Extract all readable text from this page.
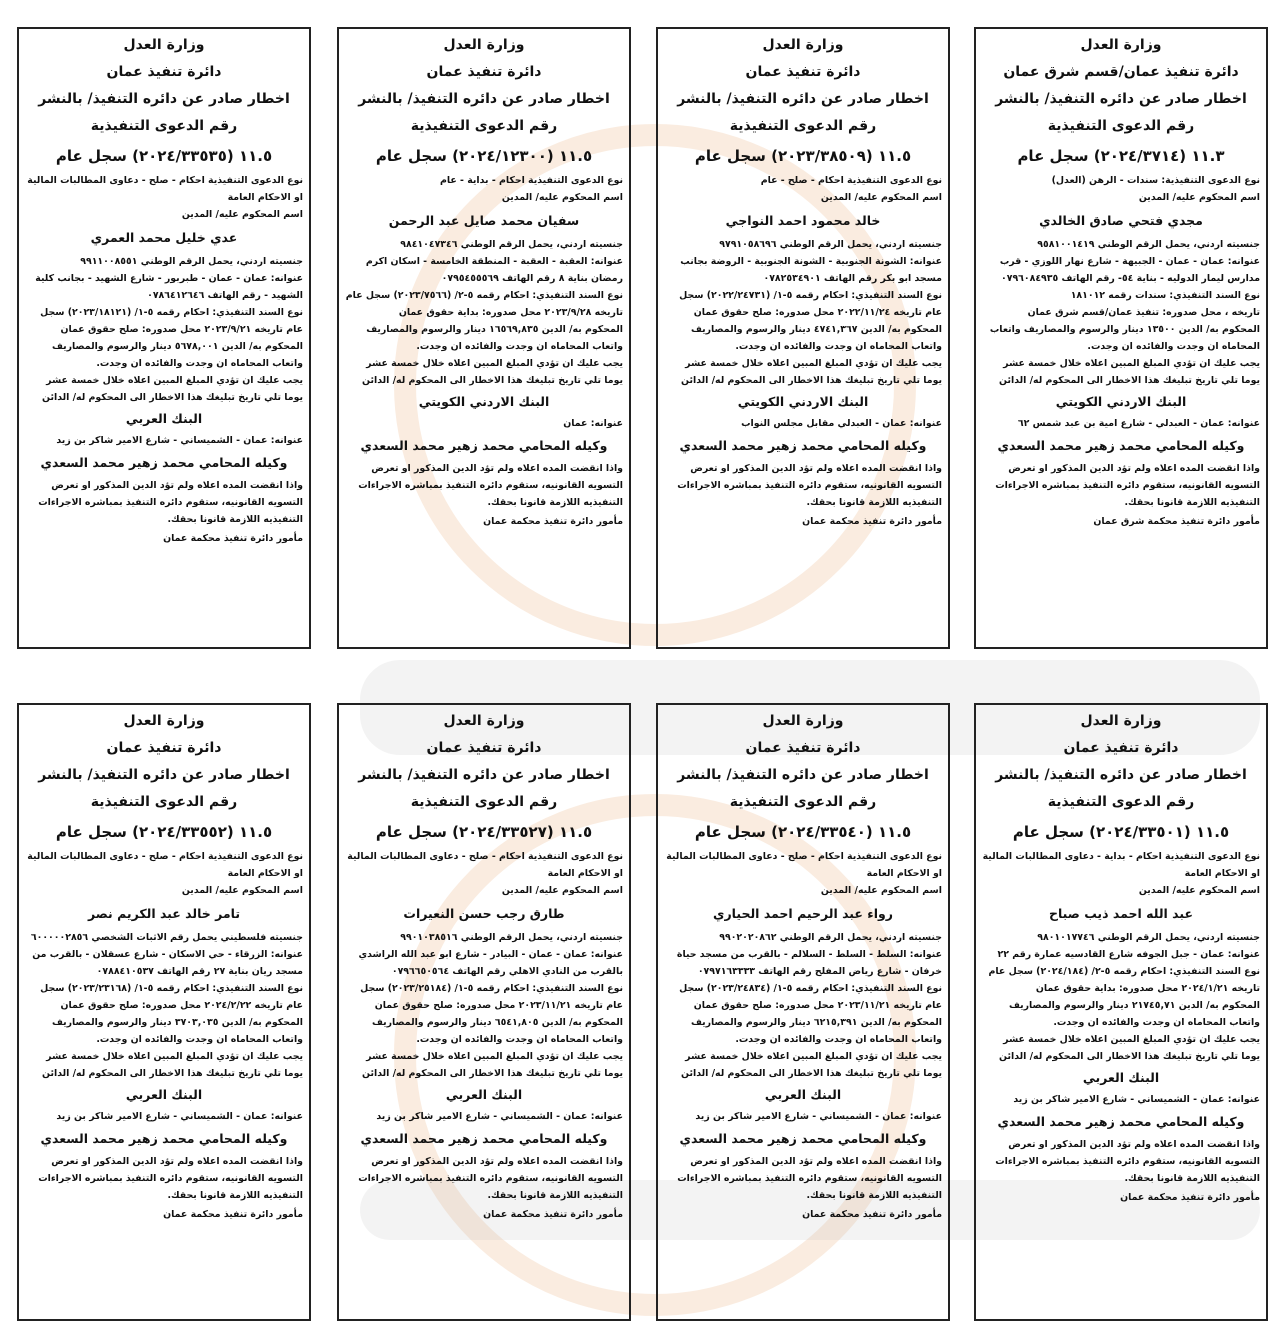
وزارة العدل
دائرة تنفيذ عمان/قسم شرق عمان
اخطار صادر عن دائره التنفيذ/ بالنشر
رقم الدعوى التنفيذية
١١.٣ (٢٠٢٤/٣٧١٤) سجل عام

نوع الدعوى التنفيذية: سندات - الرهن (العدل)

اسم المحكوم عليه/ المدين

مجدي فتحي صادق الخالدي

جنسيته اردني، يحمل الرقم الوطني ٩٥٨١٠٠١٤١٩

عنوانه: عمان - عمان - الجبيهة - شارع نهار اللوزي - قرب مدارس ليمار الدوليه - بناية ٥٤- رقم الهاتف ٠٧٩٦٠٨٤٩٣٥

نوع السند التنفيذي: سندات رقمه ١٨١٠١٢

تاريخه ، محل صدوره: تنفيذ عمان/قسم شرق عمان

المحكوم به/ الدين ١٣٥٠٠ دينار والرسوم والمصاريف واتعاب المحاماه ان وجدت والفائده ان وجدت.

يجب عليك ان تؤدي المبلغ المبين اعلاه خلال خمسة عشر يوما تلي تاريخ تبليغك هذا الاخطار الى المحكوم له/ الدائن

البنك الاردني الكويتي

عنوانه: عمان - العبدلي - شارع امية بن عبد شمس ٦٢

وكيله المحامي محمد زهير محمد السعدي

واذا انقضت المده اعلاه ولم تؤد الدين المذكور او تعرض التسويه القانونيه، ستقوم دائره التنفيذ بمباشره الاجراءات التنفيذيه اللازمة قانونا بحقك.

مأمور دائرة تنفيذ محكمة شرق عمان
وزارة العدل
دائرة تنفيذ عمان
اخطار صادر عن دائره التنفيذ/ بالنشر
رقم الدعوى التنفيذية
١١.٥ (٢٠٢٣/٣٨٥٠٩) سجل عام

نوع الدعوى التنفيذية احكام - صلح - عام

اسم المحكوم عليه/ المدين

خالد محمود احمد النواجي

جنسيته اردني، يحمل الرقم الوطني ٩٧٩١٠٥٨٦٩٦

عنوانه: الشونة الجنوبية - الشونة الجنوبية - الروضة بجانب مسجد ابو بكر رقم الهاتف ٠٧٨٢٥٣٤٩٠١

نوع السند التنفيذي: احكام رقمه ٥-١/ (٢٠٢٢/٢٤٧٣١) سجل عام تاريخه ٢٠٢٢/١١/٢٤ محل صدوره: صلح حقوق عمان

المحكوم به/ الدين ٤٧٤١,٣٦٧ دينار والرسوم والمصاريف واتعاب المحاماه ان وجدت والفائده ان وجدت.

يجب عليك ان تؤدي المبلغ المبين اعلاه خلال خمسة عشر يوما تلي تاريخ تبليغك هذا الاخطار الى المحكوم له/ الدائن

البنك الاردني الكويتي

عنوانه: عمان - العبدلي مقابل مجلس النواب

وكيله المحامي محمد زهير محمد السعدي

واذا انقضت المده اعلاه ولم تؤد الدين المذكور او تعرض التسويه القانونيه، ستقوم دائره التنفيذ بمباشره الاجراءات التنفيذيه اللازمة قانونا بحقك.

مأمور دائرة تنفيذ محكمة عمان
وزارة العدل
دائرة تنفيذ عمان
اخطار صادر عن دائره التنفيذ/ بالنشر
رقم الدعوى التنفيذية
١١.٥ (٢٠٢٤/١٢٣٠٠) سجل عام

نوع الدعوى التنفيذية احكام - بداية - عام

اسم المحكوم عليه/ المدين

سفيان محمد صايل عبد الرحمن

جنسيته اردني، يحمل الرقم الوطني ٩٨٤١٠٤٧٣٤٦

عنوانه: العقبة - العقبة - المنطقة الخامسة - اسكان اكرم رمضان بناية ٨ رقم الهاتف ٠٧٩٥٤٥٥٥٦٩

نوع السند التنفيذي: احكام رقمه ٥-٢/ (٢٠٢٣/٧٥٦٦) سجل عام تاريخه ٢٠٢٣/٩/٢٨ محل صدوره: بداية حقوق عمان

المحكوم به/ الدين ١٦٥٦٩,٨٣٥ دينار والرسوم والمصاريف واتعاب المحاماه ان وجدت والفائده ان وجدت.

يجب عليك ان تؤدي المبلغ المبين اعلاه خلال خمسة عشر يوما تلي تاريخ تبليغك هذا الاخطار الى المحكوم له/ الدائن

البنك الاردني الكويتي

عنوانه: عمان

وكيله المحامي محمد زهير محمد السعدي

واذا انقضت المده اعلاه ولم تؤد الدين المذكور او تعرض التسويه القانونيه، ستقوم دائره التنفيذ بمباشره الاجراءات التنفيذيه اللازمة قانونا بحقك.

مأمور دائرة تنفيذ محكمة عمان
وزارة العدل
دائرة تنفيذ عمان
اخطار صادر عن دائره التنفيذ/ بالنشر
رقم الدعوى التنفيذية
١١.٥ (٢٠٢٤/٣٣٥٣٥) سجل عام

نوع الدعوى التنفيذية احكام - صلح - دعاوى المطالبات المالية او الاحكام العامة

اسم المحكوم عليه/ المدين

عدي خليل محمد العمري

جنسيته اردني، يحمل الرقم الوطني ٩٩١١٠٠٨٥٥١

عنوانه: عمان - عمان - طبربور - شارع الشهيد - بجانب كلية الشهيد - رقم الهاتف ٠٧٨٦٤١٢٦٤٦

نوع السند التنفيذي: احكام رقمه ٥-١/ (٢٠٢٣/١٨١٢١) سجل عام تاريخه ٢٠٢٣/٩/٢١ محل صدوره: صلح حقوق عمان

المحكوم به/ الدين ٥٦٧٨,٠٠١ دينار والرسوم والمصاريف واتعاب المحاماه ان وجدت والفائده ان وجدت.

يجب عليك ان تؤدي المبلغ المبين اعلاه خلال خمسة عشر يوما تلي تاريخ تبليغك هذا الاخطار الى المحكوم له/ الدائن

البنك العربي

عنوانه: عمان - الشميساني - شارع الامير شاكر بن زيد

وكيله المحامي محمد زهير محمد السعدي

واذا انقضت المده اعلاه ولم تؤد الدين المذكور او تعرض التسويه القانونيه، ستقوم دائره التنفيذ بمباشره الاجراءات التنفيذيه اللازمة قانونا بحقك.

مأمور دائرة تنفيذ محكمة عمان
وزارة العدل
دائرة تنفيذ عمان
اخطار صادر عن دائره التنفيذ/ بالنشر
رقم الدعوى التنفيذية
١١.٥ (٢٠٢٤/٣٣٥٠١) سجل عام

نوع الدعوى التنفيذية احكام - بداية - دعاوى المطالبات المالية او الاحكام العامة

اسم المحكوم عليه/ المدين

عبد الله احمد ذيب صباح

جنسيته اردني، يحمل الرقم الوطني ٩٨٠١٠١٧٧٤٦

عنوانه: عمان - جبل الجوفه شارع القادسيه عمارة رقم ٢٢

نوع السند التنفيذي: احكام رقمه ٥-٢/ (٢٠٢٤/١٨٤) سجل عام تاريخه ٢٠٢٤/١/٢١ محل صدوره: بداية حقوق عمان

المحكوم به/ الدين ٢١٧٤٥,٧١ دينار والرسوم والمصاريف واتعاب المحاماه ان وجدت والفائده ان وجدت.

يجب عليك ان تؤدي المبلغ المبين اعلاه خلال خمسة عشر يوما تلي تاريخ تبليغك هذا الاخطار الى المحكوم له/ الدائن

البنك العربي

عنوانه: عمان - الشميساني - شارع الامير شاكر بن زيد

وكيله المحامي محمد زهير محمد السعدي

واذا انقضت المده اعلاه ولم تؤد الدين المذكور او تعرض التسويه القانونيه، ستقوم دائره التنفيذ بمباشره الاجراءات التنفيذيه اللازمة قانونا بحقك.

مأمور دائرة تنفيذ محكمة عمان
وزارة العدل
دائرة تنفيذ عمان
اخطار صادر عن دائره التنفيذ/ بالنشر
رقم الدعوى التنفيذية
١١.٥ (٢٠٢٤/٣٣٥٤٠) سجل عام

نوع الدعوى التنفيذية احكام - صلح - دعاوى المطالبات المالية او الاحكام العامة

اسم المحكوم عليه/ المدين

رواء عبد الرحيم احمد الحياري

جنسيته اردني، يحمل الرقم الوطني ٩٩٠٢٠٢٠٨٦٢

عنوانه: السلط - السلط - السلالم - بالقرب من مسجد حياة خرفان - شارع رياض المفلح رقم الهاتف ٠٧٩٧١٦٣٣٣٣

نوع السند التنفيذي: احكام رقمه ٥-١/ (٢٠٢٣/٢٤٨٣٤) سجل عام تاريخه ٢٠٢٣/١١/٢١ محل صدوره: صلح حقوق عمان

المحكوم به/ الدين ٦٢١٥,٣٩١ دينار والرسوم والمصاريف واتعاب المحاماه ان وجدت والفائده ان وجدت.

يجب عليك ان تؤدي المبلغ المبين اعلاه خلال خمسة عشر يوما تلي تاريخ تبليغك هذا الاخطار الى المحكوم له/ الدائن

البنك العربي

عنوانه: عمان - الشميساني - شارع الامير شاكر بن زيد

وكيله المحامي محمد زهير محمد السعدي

واذا انقضت المده اعلاه ولم تؤد الدين المذكور او تعرض التسويه القانونيه، ستقوم دائره التنفيذ بمباشره الاجراءات التنفيذيه اللازمة قانونا بحقك.

مأمور دائرة تنفيذ محكمة عمان
وزارة العدل
دائرة تنفيذ عمان
اخطار صادر عن دائره التنفيذ/ بالنشر
رقم الدعوى التنفيذية
١١.٥ (٢٠٢٤/٣٣٥٢٧) سجل عام

نوع الدعوى التنفيذية احكام - صلح - دعاوى المطالبات المالية او الاحكام العامة

اسم المحكوم عليه/ المدين

طارق رجب حسن النعيرات

جنسيته اردني، يحمل الرقم الوطني ٩٩٠١٠٣٨٥١٦

عنوانه: عمان - عمان - البيادر - شارع ابو عبد الله الراشدي بالقرب من النادي الاهلي رقم الهاتف ٠٧٩٦٦٥٠٥٦٤

نوع السند التنفيذي: احكام رقمه ٥-١/ (٢٠٢٣/٢٥١٨٤) سجل عام تاريخه ٢٠٢٣/١١/٢١ محل صدوره: صلح حقوق عمان

المحكوم به/ الدين ٦٥٤١,٨٠٥ دينار والرسوم والمصاريف واتعاب المحاماه ان وجدت والفائده ان وجدت.

يجب عليك ان تؤدي المبلغ المبين اعلاه خلال خمسة عشر يوما تلي تاريخ تبليغك هذا الاخطار الى المحكوم له/ الدائن

البنك العربي

عنوانه: عمان - الشميساني - شارع الامير شاكر بن زيد

وكيله المحامي محمد زهير محمد السعدي

واذا انقضت المده اعلاه ولم تؤد الدين المذكور او تعرض التسويه القانونيه، ستقوم دائره التنفيذ بمباشره الاجراءات التنفيذيه اللازمة قانونا بحقك.

مأمور دائرة تنفيذ محكمة عمان
وزارة العدل
دائرة تنفيذ عمان
اخطار صادر عن دائره التنفيذ/ بالنشر
رقم الدعوى التنفيذية
١١.٥ (٢٠٢٤/٣٣٥٥٢) سجل عام

نوع الدعوى التنفيذية احكام - صلح - دعاوى المطالبات المالية او الاحكام العامة

اسم المحكوم عليه/ المدين

تامر خالد عبد الكريم نصر

جنسيته فلسطيني يحمل رقم الاثبات الشخصي ٦٠٠٠٠٠٢٨٥٦

عنوانه: الزرقاء - حي الاسكان - شارع عسقلان - بالقرب من مسجد ريان بناية ٢٧ رقم الهاتف ٠٧٨٨٤١٠٥٣٧

نوع السند التنفيذي: احكام رقمه ٥-١/ (٢٠٢٣/٢٣١٦٨) سجل عام تاريخه ٢٠٢٤/٢/٢٢ محل صدوره: صلح حقوق عمان

المحكوم به/ الدين ٣٧٠٣,٠٣٥ دينار والرسوم والمصاريف واتعاب المحاماه ان وجدت والفائده ان وجدت.

يجب عليك ان تؤدي المبلغ المبين اعلاه خلال خمسة عشر يوما تلي تاريخ تبليغك هذا الاخطار الى المحكوم له/ الدائن

البنك العربي

عنوانه: عمان - الشميساني - شارع الامير شاكر بن زيد

وكيله المحامي محمد زهير محمد السعدي

واذا انقضت المده اعلاه ولم تؤد الدين المذكور او تعرض التسويه القانونيه، ستقوم دائره التنفيذ بمباشره الاجراءات التنفيذيه اللازمة قانونا بحقك.

مأمور دائرة تنفيذ محكمة عمان
